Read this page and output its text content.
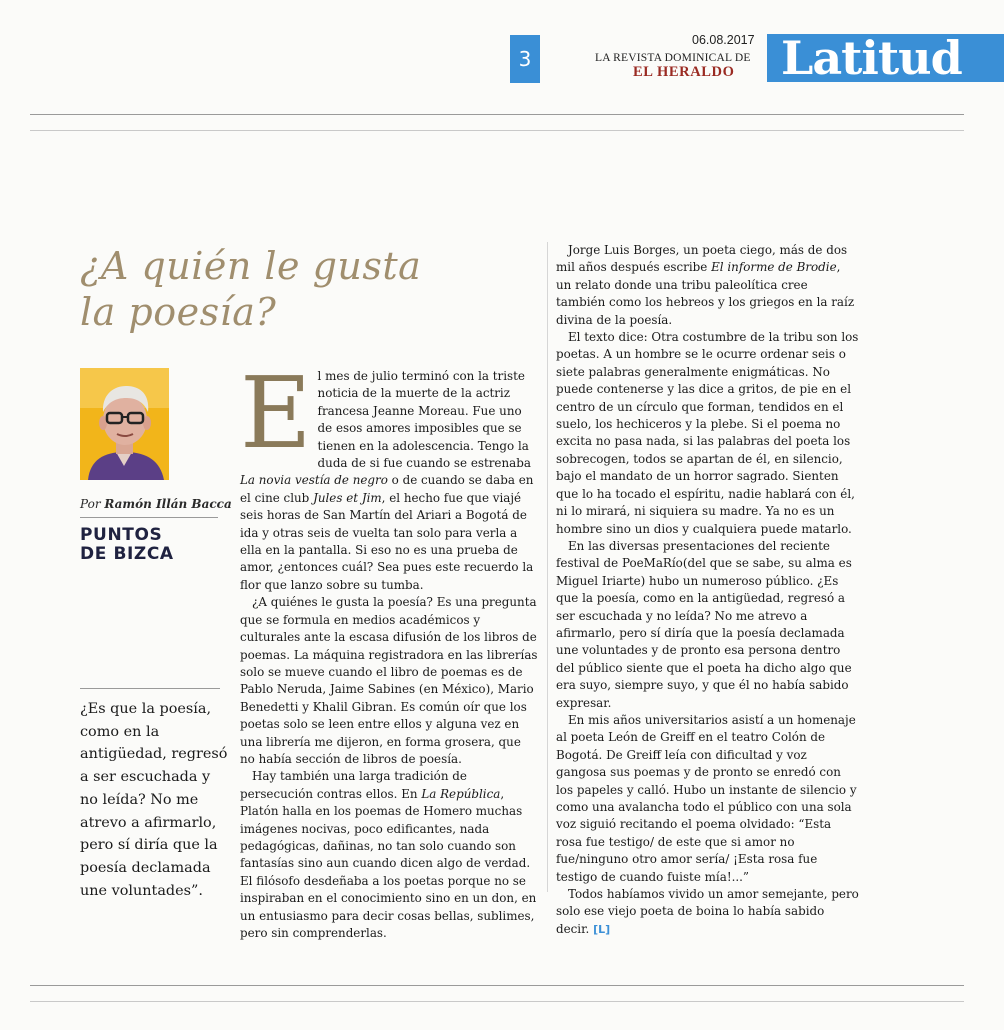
3
06.08.2017
LA REVISTA DOMINICAL DE
EL HERALDO	Latitud
¿A quién le gusta
la poesía?
Por Ramón Illán Bacca
PUNTOS
DE BIZCA
¿Es que la poesía, como en la antigüedad, regresó a ser escuchada y no leída? No me atrevo a afirmarlo, pero sí diría que la poesía declamada une voluntades”.

El mes de julio terminó con la triste noticia de la muerte de la actriz francesa Jeanne Moreau. Fue uno de esos amores imposibles que se tienen en la adolescencia. Tengo la duda de si fue cuando se estrenaba La novia vestía de negro o de cuando se daba en el cine club Jules et Jim, el hecho fue que viajé seis horas de San Martín del Ariari a Bogotá de ida y otras seis de vuelta tan solo para verla a ella en la pantalla. Si eso no es una prueba de amor, ¿entonces cuál? Sea pues este recuerdo la flor que lanzo sobre su tumba.

¿A quiénes le gusta la poesía? Es una pregunta que se formula en medios académicos y culturales ante la escasa difusión de los libros de poemas. La máquina registradora en las librerías solo se mueve cuando el libro de poemas es de Pablo Neruda, Jaime Sabines (en México), Mario Benedetti y Khalil Gibran. Es común oír que los poetas solo se leen entre ellos y alguna vez en una librería me dijeron, en forma grosera, que no había sección de libros de poesía.

Hay también una larga tradición de persecución contras ellos. En La República, Platón halla en los poemas de Homero muchas imágenes nocivas, poco edificantes, nada pedagógicas, dañinas, no tan solo cuando son fantasías sino aun cuando dicen algo de verdad. El filósofo desdeñaba a los poetas porque no se inspiraban en el conocimiento sino en un don, en un entusiasmo para decir cosas bellas, sublimes, pero sin comprenderlas.

Jorge Luis Borges, un poeta ciego, más de dos mil años después escribe El informe de Brodie, un relato donde una tribu paleolítica cree también como los hebreos y los griegos en la raíz divina de la poesía.

El texto dice: Otra costumbre de la tribu son los poetas. A un hombre se le ocurre ordenar seis o siete palabras generalmente enigmáticas. No puede contenerse y las dice a gritos, de pie en el centro de un círculo que forman, tendidos en el suelo, los hechiceros y la plebe. Si el poema no excita no pasa nada, si las palabras del poeta los sobrecogen, todos se apartan de él, en silencio, bajo el mandato de un horror sagrado. Sienten que lo ha tocado el espíritu, nadie hablará con él, ni lo mirará, ni siquiera su madre. Ya no es un hombre sino un dios y cualquiera puede matarlo.

En las diversas presentaciones del reciente festival de PoeMaRío(del que se sabe, su alma es Miguel Iriarte) hubo un numeroso público. ¿Es que la poesía, como en la antigüedad, regresó a ser escuchada y no leída? No me atrevo a afirmarlo, pero sí diría que la poesía declamada une voluntades y de pronto esa persona dentro del público siente que el poeta ha dicho algo que era suyo, siempre suyo, y que él no había sabido expresar.

En mis años universitarios asistí a un homenaje al poeta León de Greiff en el teatro Colón de Bogotá. De Greiff leía con dificultad y voz gangosa sus poemas y de pronto se enredó con los papeles y calló. Hubo un instante de silencio y como una avalancha todo el público con una sola voz siguió recitando el poema olvidado: “Esta rosa fue testigo/ de este que si amor no fue/ninguno otro amor sería/ ¡Esta rosa fue testigo de cuando fuiste mía!...”

Todos habíamos vivido un amor semejante, pero solo ese viejo poeta de boina lo había sabido decir. [L]
